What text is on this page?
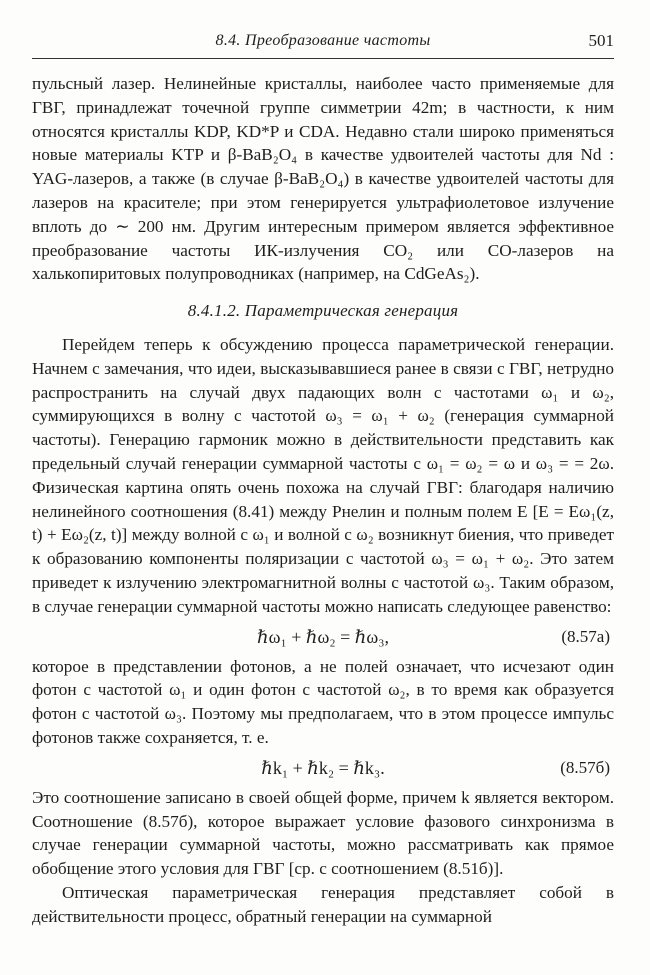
8.4. Преобразование частоты	501

пульсный лазер. Нелинейные кристаллы, наиболее часто применяемые для ГВГ, принадлежат точечной группе симметрии 42m; в частности, к ним относятся кристаллы KDP, KD*P и CDA. Недавно стали широко применяться новые материалы KTP и β-BaB₂O₄ в качестве удвоителей частоты для Nd : YAG-лазеров, а также (в случае β-BaB₂O₄) в качестве удвоителей частоты для лазеров на красителе; при этом генерируется ультрафиолетовое излучение вплоть до ∼ 200 нм. Другим интересным примером является эффективное преобразование частоты ИК-излучения CO₂ или CO-лазеров на халькопиритовых полупроводниках (например, на CdGeAs₂).

8.4.1.2. Параметрическая генерация

Перейдем теперь к обсуждению процесса параметрической генерации. Начнем с замечания, что идеи, высказывавшиеся ранее в связи с ГВГ, нетрудно распространить на случай двух падающих волн с частотами ω₁ и ω₂, суммирующихся в волну с частотой ω₃ = ω₁ + ω₂ (генерация суммарной частоты). Генерацию гармоник можно в действительности представить как предельный случай генерации суммарной частоты с ω₁ = ω₂ = ω и ω₃ = = 2ω. Физическая картина опять очень похожа на случай ГВГ: благодаря наличию нелинейного соотношения (8.41) между Pнелин и полным полем E [E = Eω₁(z, t) + Eω₂(z, t)] между волной с ω₁ и волной с ω₂ возникнут биения, что приведет к образованию компоненты поляризации с частотой ω₃ = ω₁ + ω₂. Это затем приведет к излучению электромагнитной волны с частотой ω₃. Таким образом, в случае генерации суммарной частоты можно написать следующее равенство:

ℏω₁ + ℏω₂ = ℏω₃,	(8.57а)

которое в представлении фотонов, а не полей означает, что исчезают один фотон с частотой ω₁ и один фотон с частотой ω₂, в то время как образуется фотон с частотой ω₃. Поэтому мы предполагаем, что в этом процессе импульс фотонов также сохраняется, т. е.

ℏk₁ + ℏk₂ = ℏk₃.	(8.57б)

Это соотношение записано в своей общей форме, причем k является вектором. Соотношение (8.57б), которое выражает условие фазового синхронизма в случае генерации суммарной частоты, можно рассматривать как прямое обобщение этого условия для ГВГ [ср. с соотношением (8.51б)].

Оптическая параметрическая генерация представляет собой в действительности процесс, обратный генерации на суммарной
